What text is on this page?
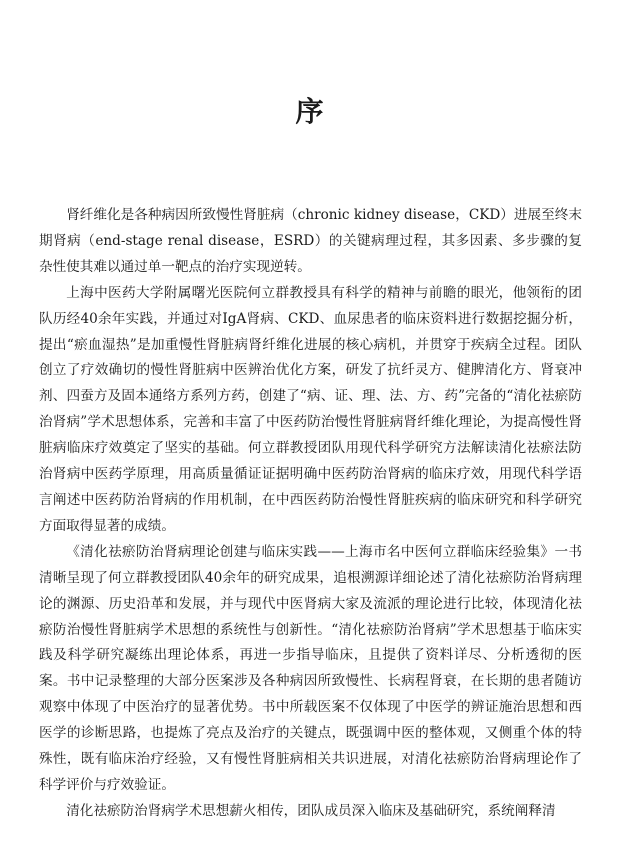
序

肾纤维化是各种病因所致慢性肾脏病（chronic kidney disease，CKD）进展至终末期肾病（end-stage renal disease，ESRD）的关键病理过程，其多因素、多步骤的复杂性使其难以通过单一靶点的治疗实现逆转。

上海中医药大学附属曙光医院何立群教授具有科学的精神与前瞻的眼光，他领衔的团队历经40余年实践，并通过对IgA肾病、CKD、血尿患者的临床资料进行数据挖掘分析，提出“瘀血湿热”是加重慢性肾脏病肾纤维化进展的核心病机，并贯穿于疾病全过程。团队创立了疗效确切的慢性肾脏病中医辨治优化方案，研发了抗纤灵方、健脾清化方、肾衰冲剂、四蚕方及固本通络方系列方药，创建了“病、证、理、法、方、药”完备的“清化祛瘀防治肾病”学术思想体系，完善和丰富了中医药防治慢性肾脏病肾纤维化理论，为提高慢性肾脏病临床疗效奠定了坚实的基础。何立群教授团队用现代科学研究方法解读清化祛瘀法防治肾病中医药学原理，用高质量循证证据明确中医药防治肾病的临床疗效，用现代科学语言阐述中医药防治肾病的作用机制，在中西医药防治慢性肾脏疾病的临床研究和科学研究方面取得显著的成绩。

《清化祛瘀防治肾病理论创建与临床实践——上海市名中医何立群临床经验集》一书清晰呈现了何立群教授团队40余年的研究成果，追根溯源详细论述了清化祛瘀防治肾病理论的渊源、历史沿革和发展，并与现代中医肾病大家及流派的理论进行比较，体现清化祛瘀防治慢性肾脏病学术思想的系统性与创新性。“清化祛瘀防治肾病”学术思想基于临床实践及科学研究凝练出理论体系，再进一步指导临床，且提供了资料详尽、分析透彻的医案。书中记录整理的大部分医案涉及各种病因所致慢性、长病程肾衰，在长期的患者随访观察中体现了中医治疗的显著优势。书中所载医案不仅体现了中医学的辨证施治思想和西医学的诊断思路，也提炼了亮点及治疗的关键点，既强调中医的整体观，又侧重个体的特殊性，既有临床治疗经验，又有慢性肾脏病相关共识进展，对清化祛瘀防治肾病理论作了科学评价与疗效验证。

清化祛瘀防治肾病学术思想薪火相传，团队成员深入临床及基础研究，系统阐释清
